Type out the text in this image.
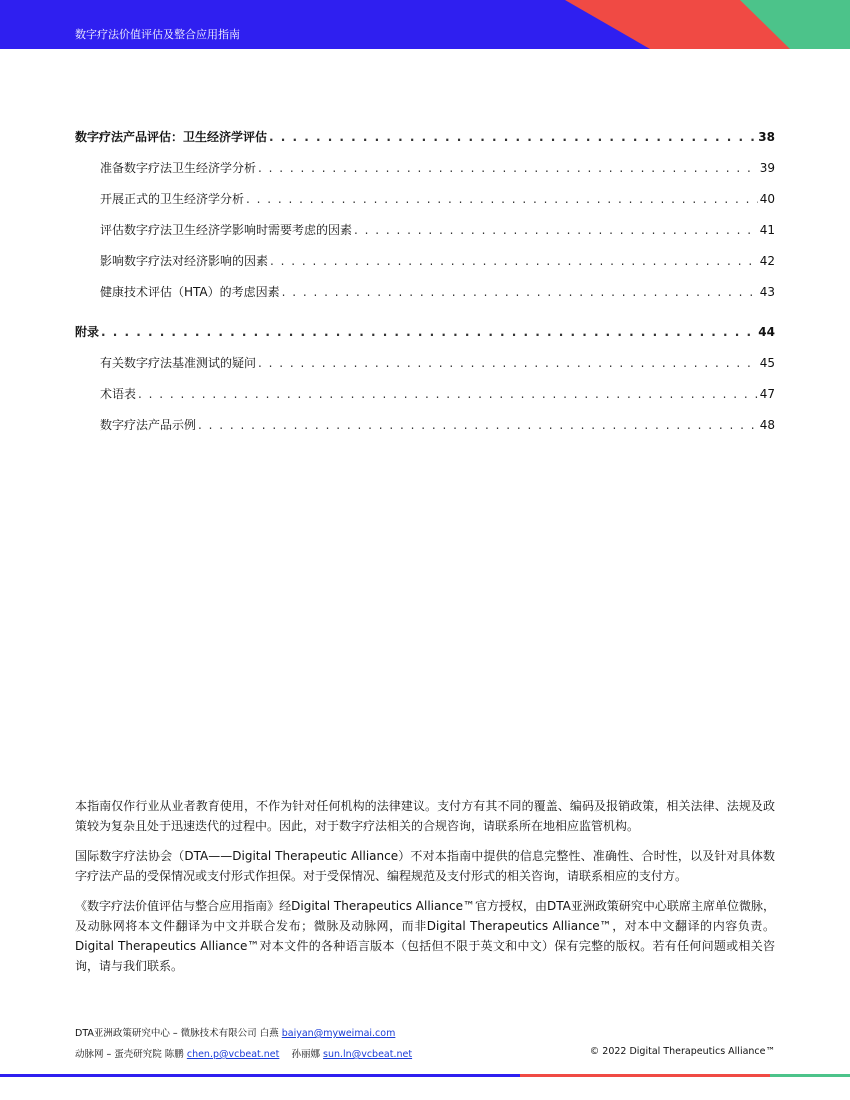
数字疗法价值评估及整合应用指南
数字疗法产品评估：卫生经济学评估 . . .	38
准备数字疗法卫生经济学分析 . . .	39
开展正式的卫生经济学分析 . . .	40
评估数字疗法卫生经济学影响时需要考虑的因素 . . .	41
影响数字疗法对经济影响的因素 . . .	42
健康技术评估（HTA）的考虑因素 . . .	43
附录 . . .	44
有关数字疗法基准测试的疑问 . . .	45
术语表 . . .	47
数字疗法产品示例 . . .	48

本指南仅作行业从业者教育使用，不作为针对任何机构的法律建议。支付方有其不同的覆盖、编码及报销政策，相关法律、法规及政策较为复杂且处于迅速迭代的过程中。因此，对于数字疗法相关的合规咨询，请联系所在地相应监管机构。

国际数字疗法协会（DTA——Digital Therapeutic Alliance）不对本指南中提供的信息完整性、准确性、合时性，以及针对具体数字疗法产品的受保情况或支付形式作担保。对于受保情况、编程规范及支付形式的相关咨询，请联系相应的支付方。

《数字疗法价值评估与整合应用指南》经Digital Therapeutics Alliance™官方授权，由DTA亚洲政策研究中心联席主席单位微脉，及动脉网将本文件翻译为中文并联合发布；微脉及动脉网，而非Digital Therapeutics Alliance™，对本中文翻译的内容负责。Digital Therapeutics Alliance™对本文件的各种语言版本（包括但不限于英文和中文）保有完整的版权。若有任何问题或相关咨询，请与我们联系。

DTA亚洲政策研究中心 – 微脉技术有限公司 白燕 baiyan@myweimai.com
动脉网 – 蛋壳研究院 陈鹏 chen.p@vcbeat.net 孙丽娜 sun.ln@vcbeat.net	© 2022 Digital Therapeutics Alliance™
